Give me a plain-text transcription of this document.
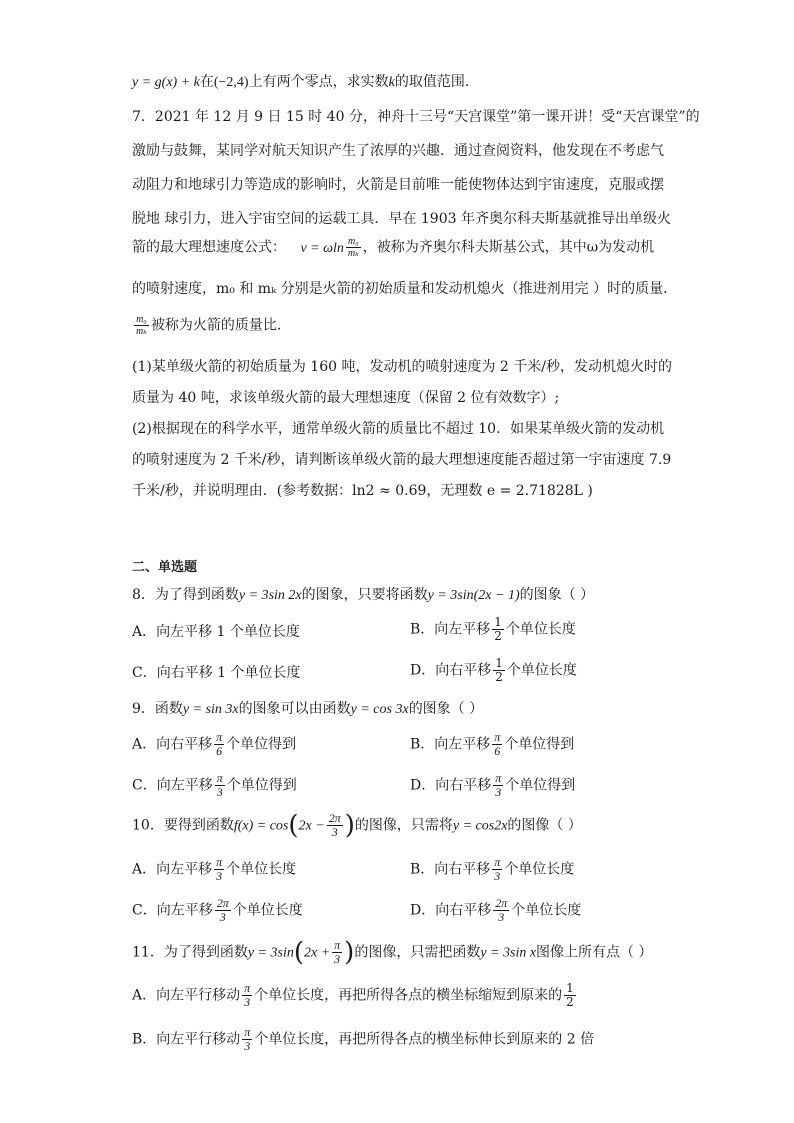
y = g(x) + k在(−2,4)上有两个零点，求实数k的取值范围.
7．2021 年 12 月 9 日 15 时 40 分，神舟十三号“天宫课堂”第一课开讲！受“天宫课堂”的
激励与鼓舞，某同学对航天知识产生了浓厚的兴趣．通过查阅资料，他发现在不考虑气
动阻力和地球引力等造成的影响时，火箭是目前唯一能使物体达到宇宙速度，克服或摆
脱地 球引力，进入宇宙空间的运载工具．早在 1903 年齐奥尔科夫斯基就推导出单级火
箭的最大理想速度公式： v = ωln $\frac{\text{m₀}}{\text{mₖ}}$ ，被称为齐奥尔科夫斯基公式，其中ω为发动机
的喷射速度，m₀ 和 mₖ 分别是火箭的初始质量和发动机熄火（推进剂用完 ）时的质量．
$\frac{\text{m₀}}{\text{mₖ}}$ 被称为火箭的质量比．
(1)某单级火箭的初始质量为 160 吨，发动机的喷射速度为 2 千米/秒，发动机熄火时的
质量为 40 吨，求该单级火箭的最大理想速度（保留 2 位有效数字）;
(2)根据现在的科学水平，通常单级火箭的质量比不超过 10．如果某单级火箭的发动机
的喷射速度为 2 千米/秒，请判断该单级火箭的最大理想速度能否超过第一宇宙速度 7.9
千米/秒，并说明理由．(参考数据：ln2 ≈ 0.69，无理数 e = 2.71828L )
二、单选题
8．为了得到函数y = 3sin 2x的图象，只要将函数y = 3sin(2x − 1)的图象（ ）
A．向左平移 1 个单位长度	B．向左平移 $\frac{1}{2}$ 个单位长度
C．向右平移 1 个单位长度	D．向右平移 $\frac{1}{2}$ 个单位长度
9．函数y = sin 3x的图象可以由函数y = cos 3x的图象（ ）
A．向右平移 $\frac{\pi}{6}$ 个单位得到	B．向左平移 $\frac{\pi}{6}$ 个单位得到
C．向左平移 $\frac{\pi}{3}$ 个单位得到	D．向右平移 $\frac{\pi}{3}$ 个单位得到
10．要得到函数$f(x) = \cos(2x - \frac{2\pi}{3}$ )的图像，只需将y = cos2x的图像（ ）
A．向左平移 $\frac{\pi}{3}$ 个单位长度	B．向右平移 $\frac{\pi}{3}$ 个单位长度
C．向左平移 $\frac{2\pi}{3}$ 个单位长度	D．向右平移 $\frac{2\pi}{3}$ 个单位长度
11．为了得到函数$y = 3\sin(2x + \frac{\pi}{3}$ )的图像，只需把函数y = 3sin x图像上所有点（ ）
A．向左平行移动 $\frac{\pi}{3}$ 个单位长度，再把所得各点的横坐标缩短到原来的 $\frac{1}{2}$
B．向左平行移动 $\frac{\pi}{3}$ 个单位长度，再把所得各点的横坐标伸长到原来的 2 倍
